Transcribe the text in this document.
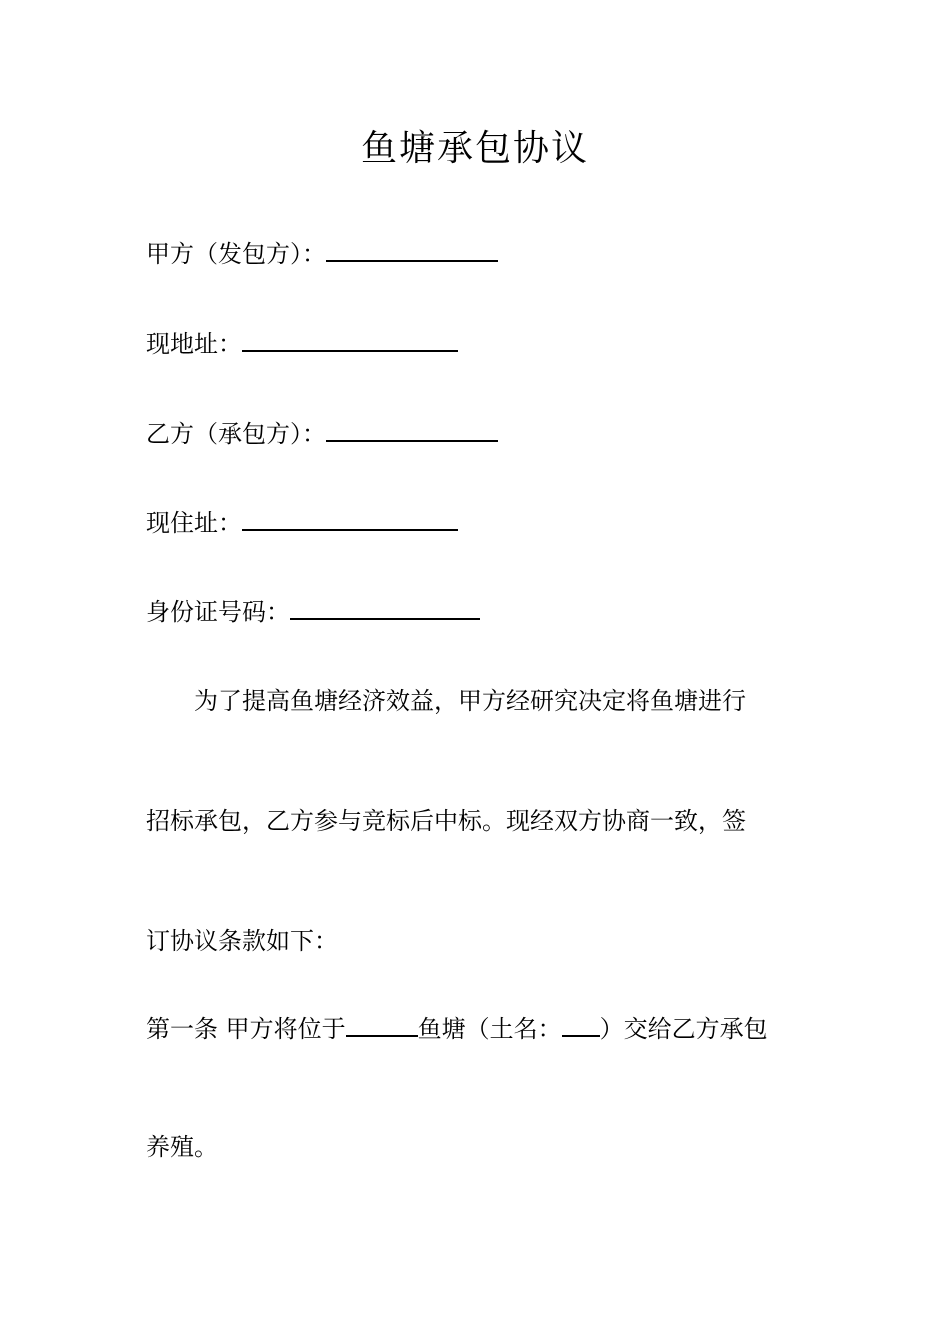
鱼塘承包协议
甲方（发包方）：
现地址：
乙方（承包方）：
现住址：
身份证号码：
为了提高鱼塘经济效益，甲方经研究决定将鱼塘进行
招标承包，乙方参与竞标后中标。现经双方协商一致，签
订协议条款如下：
第一条 甲方将位于	鱼塘（土名： ）交给乙方承包
养殖。
